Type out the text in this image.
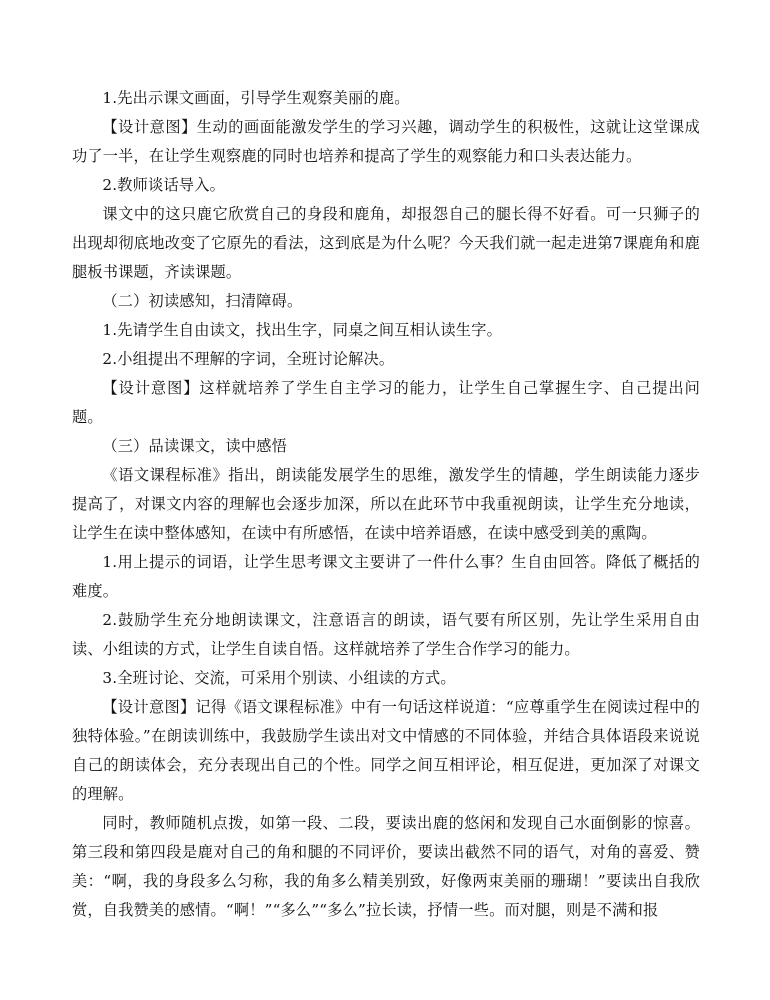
1.先出示课文画面，引导学生观察美丽的鹿。

【设计意图】生动的画面能激发学生的学习兴趣，调动学生的积极性，这就让这堂课成功了一半，在让学生观察鹿的同时也培养和提高了学生的观察能力和口头表达能力。

2.教师谈话导入。

课文中的这只鹿它欣赏自己的身段和鹿角，却报怨自己的腿长得不好看。可一只狮子的出现却彻底地改变了它原先的看法，这到底是为什么呢？今天我们就一起走进第7课鹿角和鹿腿板书课题，齐读课题。

（二）初读感知，扫清障碍。

1.先请学生自由读文，找出生字，同桌之间互相认读生字。

2.小组提出不理解的字词，全班讨论解决。

【设计意图】这样就培养了学生自主学习的能力，让学生自己掌握生字、自己提出问题。

（三）品读课文，读中感悟

《语文课程标准》指出，朗读能发展学生的思维，激发学生的情趣，学生朗读能力逐步提高了，对课文内容的理解也会逐步加深，所以在此环节中我重视朗读，让学生充分地读，让学生在读中整体感知，在读中有所感悟，在读中培养语感，在读中感受到美的熏陶。

1.用上提示的词语，让学生思考课文主要讲了一件什么事？生自由回答。降低了概括的难度。

2.鼓励学生充分地朗读课文，注意语言的朗读，语气要有所区别，先让学生采用自由读、小组读的方式，让学生自读自悟。这样就培养了学生合作学习的能力。

3.全班讨论、交流，可采用个别读、小组读的方式。

【设计意图】记得《语文课程标准》中有一句话这样说道：“应尊重学生在阅读过程中的独特体验。”在朗读训练中，我鼓励学生读出对文中情感的不同体验，并结合具体语段来说说自己的朗读体会，充分表现出自己的个性。同学之间互相评论，相互促进，更加深了对课文的理解。

同时，教师随机点拨，如第一段、二段，要读出鹿的悠闲和发现自己水面倒影的惊喜。第三段和第四段是鹿对自己的角和腿的不同评价，要读出截然不同的语气，对角的喜爱、赞美：“啊，我的身段多么匀称，我的角多么精美别致，好像两束美丽的珊瑚！”要读出自我欣赏，自我赞美的感情。“啊！”“多么”“多么”拉长读，抒情一些。而对腿，则是不满和报
